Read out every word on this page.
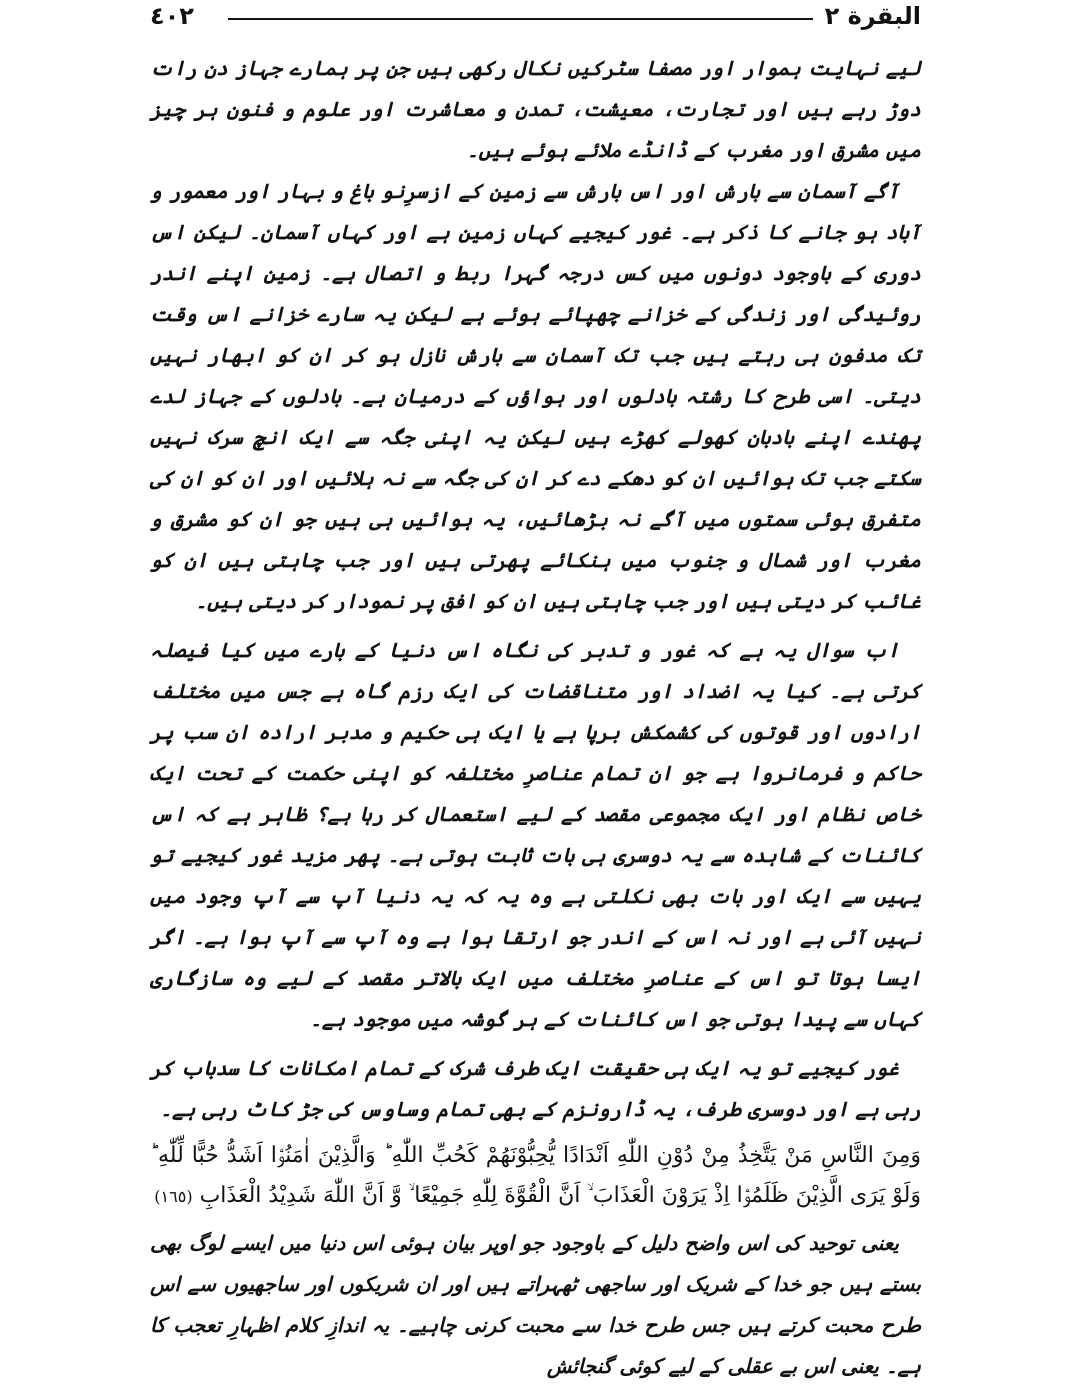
البقرة ٢
٤٠٢

لیے نہایت ہموار اور مصفا سٹرکیں نکال رکھی ہیں جن پر ہمارے جہاز دن رات دوڑ رہے ہیں اور تجارت، معیشت، تمدن و معاشرت اور علوم و فنون ہر چیز میں مشرق اور مغرب کے ڈانڈے ملائے ہوئے ہیں۔

آگے آسمان سے بارش اور اس بارش سے زمین کے ازسرِنو باغ و بہار اور معمور و آباد ہو جانے کا ذکر ہے۔ غور کیجیے کہاں زمین ہے اور کہاں آسمان۔ لیکن اس دوری کے باوجود دونوں میں کس درجہ گہرا ربط و اتصال ہے۔ زمین اپنے اندر روئیدگی اور زندگی کے خزانے چھپائے ہوئے ہے لیکن یہ سارے خزانے اس وقت تک مدفون ہی رہتے ہیں جب تک آسمان سے بارش نازل ہو کر ان کو ابھار نہیں دیتی۔ اسی طرح کا رشتہ بادلوں اور ہواؤں کے درمیان ہے۔ بادلوں کے جہاز لدے پھندے اپنے بادبان کھولے کھڑے ہیں لیکن یہ اپنی جگہ سے ایک انچ سرک نہیں سکتے جب تک ہوائیں ان کو دھکے دے کر ان کی جگہ سے نہ ہلائیں اور ان کو ان کی متفرق ہوئی سمتوں میں آگے نہ بڑھائیں، یہ ہوائیں ہی ہیں جو ان کو مشرق و مغرب اور شمال و جنوب میں ہنکائے پھرتی ہیں اور جب چاہتی ہیں ان کو غائب کر دیتی ہیں اور جب چاہتی ہیں ان کو افق پر نمودار کر دیتی ہیں۔

اب سوال یہ ہے کہ غور و تدبر کی نگاہ اس دنیا کے بارے میں کیا فیصلہ کرتی ہے۔ کیا یہ اضداد اور متناقضات کی ایک رزم گاہ ہے جس میں مختلف ارادوں اور قوتوں کی کشمکش برپا ہے یا ایک ہی حکیم و مدبر ارادہ ان سب پر حاکم و فرمانروا ہے جو ان تمام عناصرِ مختلفہ کو اپنی حکمت کے تحت ایک خاص نظام اور ایک مجموعی مقصد کے لیے استعمال کر رہا ہے؟ ظاہر ہے کہ اس کائنات کے شاہدہ سے یہ دوسری ہی بات ثابت ہوتی ہے۔ پھر مزید غور کیجیے تو یہیں سے ایک اور بات بھی نکلتی ہے وہ یہ کہ یہ دنیا آپ سے آپ وجود میں نہیں آئی ہے اور نہ اس کے اندر جو ارتقا ہوا ہے وہ آپ سے آپ ہوا ہے۔ اگر ایسا ہوتا تو اس کے عناصرِ مختلف میں ایک بالاتر مقصد کے لیے وہ سازگاری کہاں سے پیدا ہوتی جو اس کائنات کے ہر گوشہ میں موجود ہے۔

غور کیجیے تو یہ ایک ہی حقیقت ایک طرف شرک کے تمام امکانات کا سدباب کر رہی ہے اور دوسری طرف، یہ ڈارونزم کے بھی تمام وساوس کی جڑ کاٹ رہی ہے۔

وَمِنَ النَّاسِ مَنْ يَتَّخِذُ مِنْ دُوْنِ اللّٰهِ اَنْدَادًا يُّحِبُّوْنَهُمْ كَحُبِّ اللّٰهِ ؕ وَالَّذِيْنَ اٰمَنُوْۤا اَشَدُّ حُبًّا لِّلّٰهِ ؕ وَلَوْ يَرَى الَّذِيْنَ ظَلَمُوْۤا اِذْ يَرَوْنَ الْعَذَابَ ۙ اَنَّ الْقُوَّةَ لِلّٰهِ جَمِيْعًا ۙ وَّ اَنَّ اللّٰهَ شَدِيْدُ الْعَذَابِ (١٦٥)

یعنی توحید کی اس واضح دلیل کے باوجود جو اوپر بیان ہوئی اس دنیا میں ایسے لوگ بھی بستے ہیں جو خدا کے شریک اور ساجھی ٹھہراتے ہیں اور ان شریکوں اور ساجھیوں سے اس طرح محبت کرتے ہیں جس طرح خدا سے محبت کرنی چاہیے۔ یہ اندازِ کلام اظہارِ تعجب کا ہے۔ یعنی اس بے عقلی کے لیے کوئی گنجائش
